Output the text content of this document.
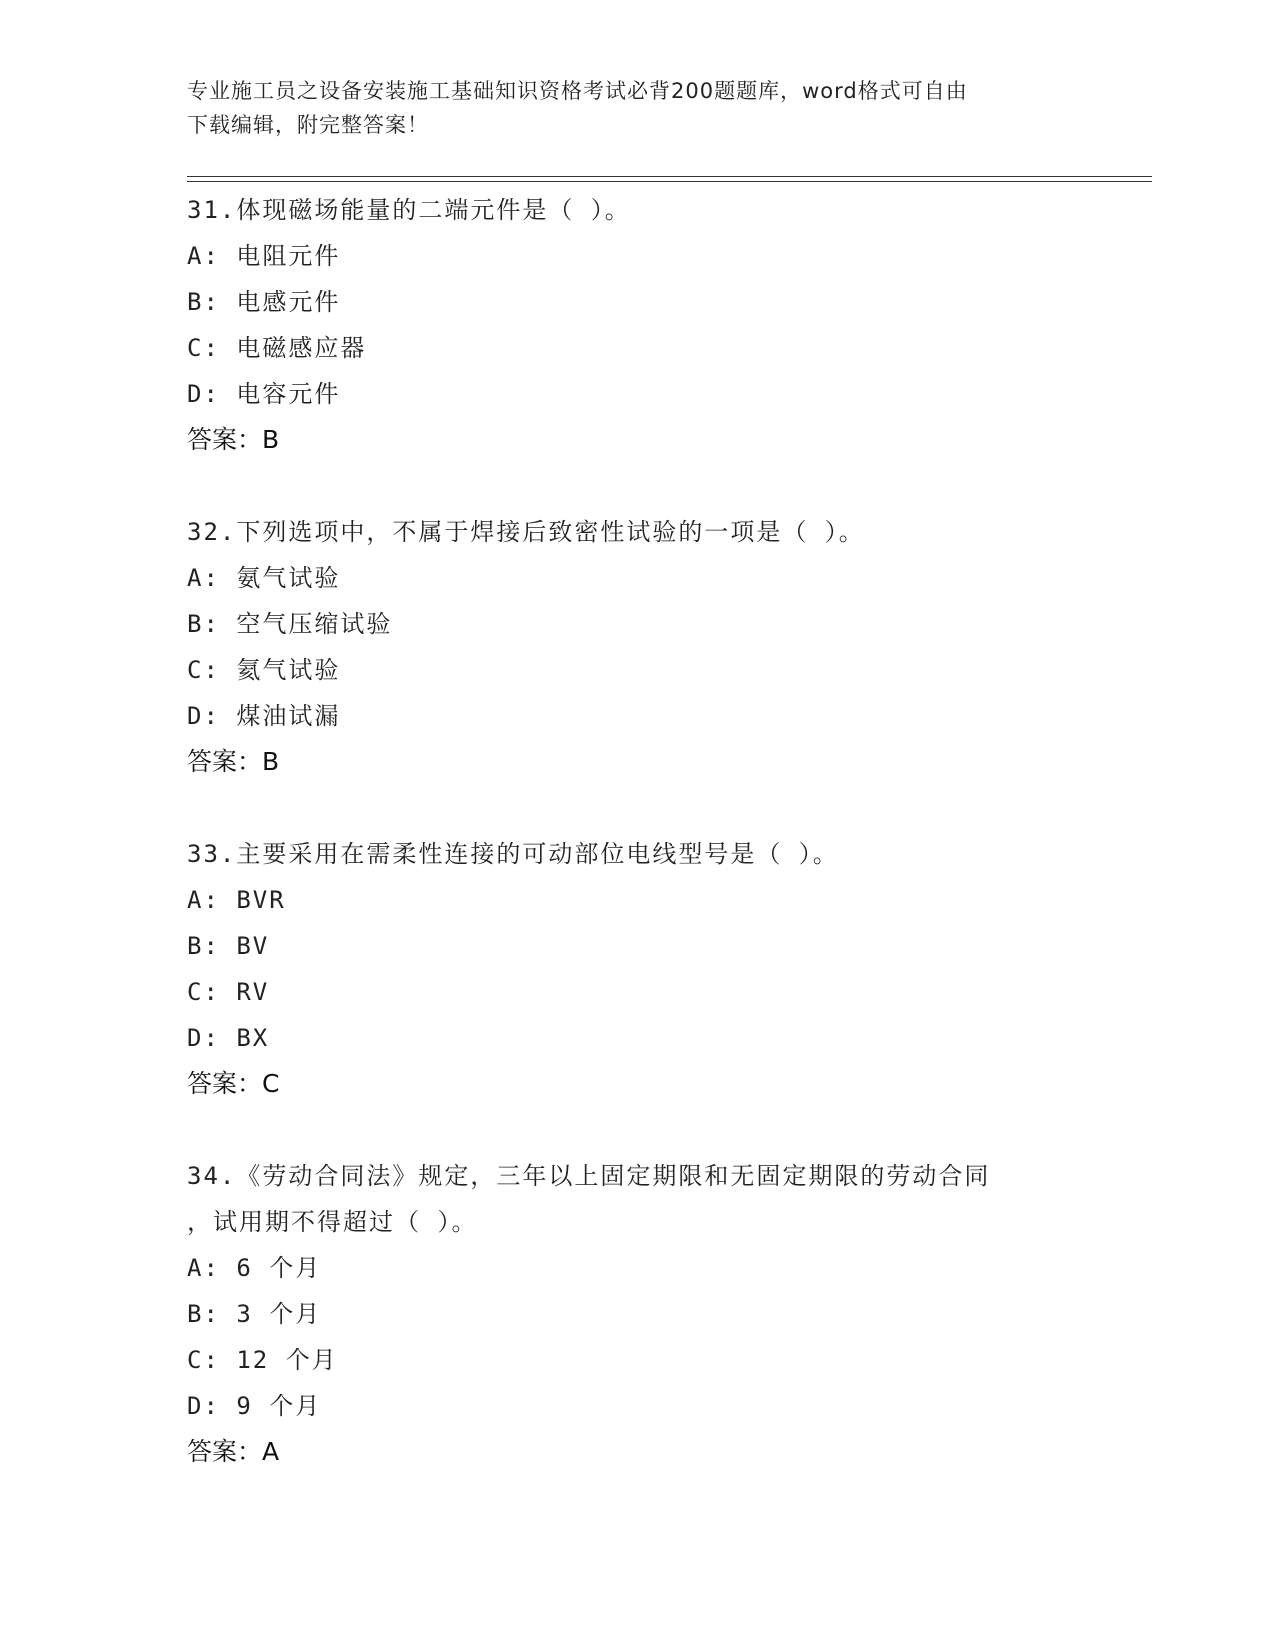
专业施工员之设备安装施工基础知识资格考试必背200题题库，word格式可自由
下载编辑，附完整答案！

31.体现磁场能量的二端元件是（ ）。

A: 电阻元件

B: 电感元件

C: 电磁感应器

D: 电容元件

答案：B

32.下列选项中，不属于焊接后致密性试验的一项是（ ）。

A: 氨气试验

B: 空气压缩试验

C: 氦气试验

D: 煤油试漏

答案：B

33.主要采用在需柔性连接的可动部位电线型号是（ ）。

A: BVR

B: BV

C: RV

D: BX

答案：C

34.《劳动合同法》规定，三年以上固定期限和无固定期限的劳动合同

，试用期不得超过（ ）。

A: 6 个月

B: 3 个月

C: 12 个月

D: 9 个月

答案：A
